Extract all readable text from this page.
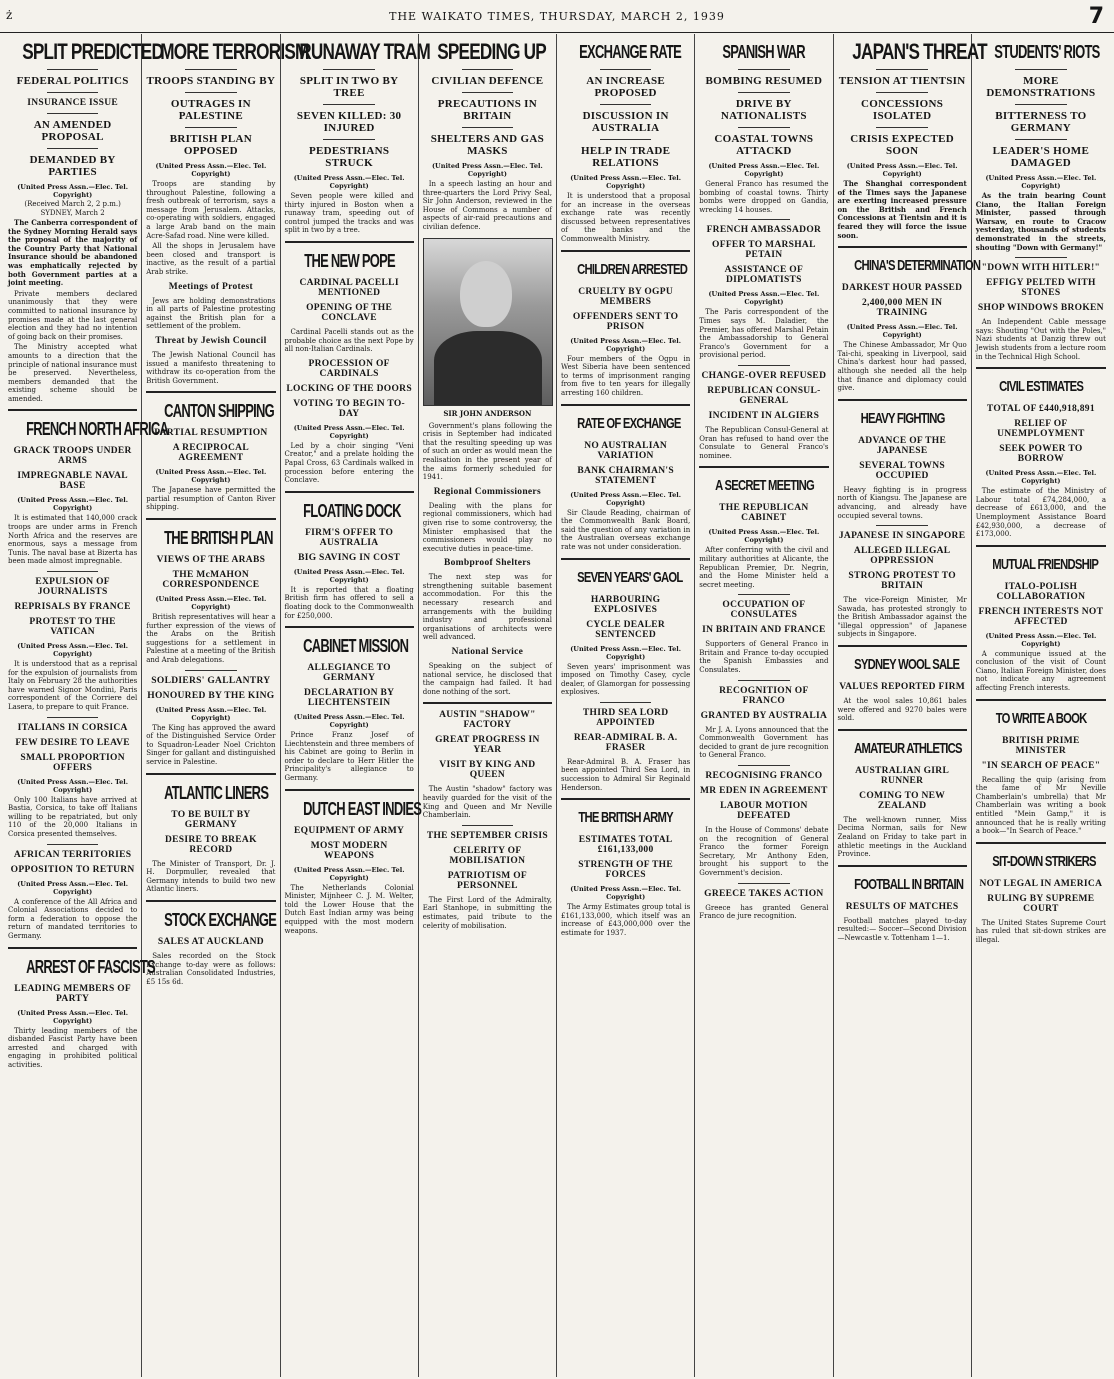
ż	THE WAIKATO TIMES, THURSDAY, MARCH 2, 1939	7
SPLIT PREDICTED
FEDERAL POLITICS
INSURANCE ISSUE
AN AMENDED PROPOSAL
DEMANDED BY PARTIES
(United Press Assn.—Elec. Tel. Copyright)
(Received March 2, 2 p.m.)
SYDNEY, March 2

The Canberra correspondent of the Sydney Morning Herald says the proposal of the majority of the Country Party that National Insurance should be abandoned was emphatically rejected by both Government parties at a joint meeting.

Private members declared unanimously that they were committed to national insurance by promises made at the last general election and they had no intention of going back on their promises.

The Ministry accepted what amounts to a direction that the principle of national insurance must be preserved. Nevertheless, members demanded that the existing scheme should be amended.

FRENCH NORTH AFRICA
GRACK TROOPS UNDER ARMS
IMPREGNABLE NAVAL BASE
(United Press Assn.—Elec. Tel. Copyright)

It is estimated that 140,000 crack troops are under arms in French North Africa and the reserves are enormous, says a message from Tunis. The naval base at Bizerta has been made almost impregnable.

EXPULSION OF JOURNALISTS
REPRISALS BY FRANCE
PROTEST TO THE VATICAN
(United Press Assn.—Elec. Tel. Copyright)

It is understood that as a reprisal for the expulsion of journalists from Italy on February 28 the authorities have warned Signor Mondini, Paris correspondent of the Corriere del Lasera, to prepare to quit France.

ITALIANS IN CORSICA
FEW DESIRE TO LEAVE
SMALL PROPORTION OFFERS
(United Press Assn.—Elec. Tel. Copyright)

Only 100 Italians have arrived at Bastia, Corsica, to take off Italians willing to be repatriated, but only 110 of the 20,000 Italians in Corsica presented themselves.

AFRICAN TERRITORIES
OPPOSITION TO RETURN
(United Press Assn.—Elec. Tel. Copyright)

A conference of the All Africa and Colonial Associations decided to form a federation to oppose the return of mandated territories to Germany.

ARREST OF FASCISTS
LEADING MEMBERS OF PARTY
(United Press Assn.—Elec. Tel. Copyright)

Thirty leading members of the disbanded Fascist Party have been arrested and charged with engaging in prohibited political activities.

MORE TERRORISM
TROOPS STANDING BY
OUTRAGES IN PALESTINE
BRITISH PLAN OPPOSED
(United Press Assn.—Elec. Tel. Copyright)

Troops are standing by throughout Palestine, following a fresh outbreak of terrorism, says a message from Jerusalem. Attacks, co-operating with soldiers, engaged a large Arab band on the main Acre-Safad road. Nine were killed.

All the shops in Jerusalem have been closed and transport is inactive, as the result of a partial Arab strike.

Meetings of Protest

Jews are holding demonstrations in all parts of Palestine protesting against the British plan for a settlement of the problem.

Threat by Jewish Council

The Jewish National Council has issued a manifesto threatening to withdraw its co-operation from the British Government.

CANTON SHIPPING
PARTIAL RESUMPTION
A RECIPROCAL AGREEMENT
(United Press Assn.—Elec. Tel. Copyright)

The Japanese have permitted the partial resumption of Canton River shipping.

THE BRITISH PLAN
VIEWS OF THE ARABS
THE McMAHON CORRESPONDENCE
(United Press Assn.—Elec. Tel. Copyright)

British representatives will hear a further expression of the views of the Arabs on the British suggestions for a settlement in Palestine at a meeting of the British and Arab delegations.

SOLDIERS' GALLANTRY
HONOURED BY THE KING
(United Press Assn.—Elec. Tel. Copyright)

The King has approved the award of the Distinguished Service Order to Squadron-Leader Noel Crichton Singer for gallant and distinguished service in Palestine.

ATLANTIC LINERS
TO BE BUILT BY GERMANY
DESIRE TO BREAK RECORD

The Minister of Transport, Dr. J. H. Dorpmuller, revealed that Germany intends to build two new Atlantic liners.

STOCK EXCHANGE
SALES AT AUCKLAND

Sales recorded on the Stock Exchange to-day were as follows: Australian Consolidated Industries, £5 15s 6d.

RUNAWAY TRAM
SPLIT IN TWO BY TREE
SEVEN KILLED: 30 INJURED
PEDESTRIANS STRUCK
(United Press Assn.—Elec. Tel. Copyright)

Seven people were killed and thirty injured in Boston when a runaway tram, speeding out of control jumped the tracks and was split in two by a tree.

THE NEW POPE
CARDINAL PACELLI MENTIONED
OPENING OF THE CONCLAVE

Cardinal Pacelli stands out as the probable choice as the next Pope by all non-Italian Cardinals.

PROCESSION OF CARDINALS
LOCKING OF THE DOORS
VOTING TO BEGIN TO-DAY
(United Press Assn.—Elec. Tel. Copyright)

Led by a choir singing "Veni Creator," and a prelate holding the Papal Cross, 63 Cardinals walked in procession before entering the Conclave.

FLOATING DOCK
FIRM'S OFFER TO AUSTRALIA
BIG SAVING IN COST
(United Press Assn.—Elec. Tel. Copyright)

It is reported that a floating British firm has offered to sell a floating dock to the Commonwealth for £250,000.

CABINET MISSION
ALLEGIANCE TO GERMANY
DECLARATION BY LIECHTENSTEIN
(United Press Assn.—Elec. Tel. Copyright)

Prince Franz Josef of Liechtenstein and three members of his Cabinet are going to Berlin in order to declare to Herr Hitler the Principality's allegiance to Germany.

DUTCH EAST INDIES
EQUIPMENT OF ARMY
MOST MODERN WEAPONS
(United Press Assn.—Elec. Tel. Copyright)

The Netherlands Colonial Minister, Mijnheer C. J. M. Welter, told the Lower House that the Dutch East Indian army was being equipped with the most modern weapons.

SPEEDING UP
CIVILIAN DEFENCE
PRECAUTIONS IN BRITAIN
SHELTERS AND GAS MASKS
(United Press Assn.—Elec. Tel. Copyright)

In a speech lasting an hour and three-quarters the Lord Privy Seal, Sir John Anderson, reviewed in the House of Commons a number of aspects of air-raid precautions and civilian defence.

SIR JOHN ANDERSON

Government's plans following the crisis in September had indicated that the resulting speeding up was of such an order as would mean the realisation in the present year of the aims formerly scheduled for 1941.

Regional Commissioners

Dealing with the plans for regional commissioners, which had given rise to some controversy, the Minister emphasised that the commissioners would play no executive duties in peace-time.

Bombproof Shelters

The next step was for strengthening suitable basement accommodation. For this the necessary research and arrangements with the building industry and professional organisations of architects were well advanced.

National Service

Speaking on the subject of national service, he disclosed that the campaign had failed. It had done nothing of the sort.

AUSTIN "SHADOW" FACTORY
GREAT PROGRESS IN YEAR
VISIT BY KING AND QUEEN

The Austin "shadow" factory was heavily guarded for the visit of the King and Queen and Mr Neville Chamberlain.

THE SEPTEMBER CRISIS
CELERITY OF MOBILISATION
PATRIOTISM OF PERSONNEL

The First Lord of the Admiralty, Earl Stanhope, in submitting the estimates, paid tribute to the celerity of mobilisation.

EXCHANGE RATE
AN INCREASE PROPOSED
DISCUSSION IN AUSTRALIA
HELP IN TRADE RELATIONS
(United Press Assn.—Elec. Tel. Copyright)

It is understood that a proposal for an increase in the overseas exchange rate was recently discussed between representatives of the banks and the Commonwealth Ministry.

CHILDREN ARRESTED
CRUELTY BY OGPU MEMBERS
OFFENDERS SENT TO PRISON
(United Press Assn.—Elec. Tel. Copyright)

Four members of the Ogpu in West Siberia have been sentenced to terms of imprisonment ranging from five to ten years for illegally arresting 160 children.

RATE OF EXCHANGE
NO AUSTRALIAN VARIATION
BANK CHAIRMAN'S STATEMENT
(United Press Assn.—Elec. Tel. Copyright)

Sir Claude Reading, chairman of the Commonwealth Bank Board, said the question of any variation in the Australian overseas exchange rate was not under consideration.

SEVEN YEARS' GAOL
HARBOURING EXPLOSIVES
CYCLE DEALER SENTENCED
(United Press Assn.—Elec. Tel. Copyright)

Seven years' imprisonment was imposed on Timothy Casey, cycle dealer, of Glamorgan for possessing explosives.

THIRD SEA LORD APPOINTED
REAR-ADMIRAL B. A. FRASER

Rear-Admiral B. A. Fraser has been appointed Third Sea Lord, in succession to Admiral Sir Reginald Henderson.

THE BRITISH ARMY
ESTIMATES TOTAL £161,133,000
STRENGTH OF THE FORCES
(United Press Assn.—Elec. Tel. Copyright)

The Army Estimates group total is £161,133,000, which itself was an increase of £43,000,000 over the estimate for 1937.

SPANISH WAR
BOMBING RESUMED
DRIVE BY NATIONALISTS
COASTAL TOWNS ATTACKD
(United Press Assn.—Elec. Tel. Copyright)

General Franco has resumed the bombing of coastal towns. Thirty bombs were dropped on Gandia, wrecking 14 houses.

FRENCH AMBASSADOR
OFFER TO MARSHAL PETAIN
ASSISTANCE OF DIPLOMATISTS
(United Press Assn.—Elec. Tel. Copyright)

The Paris correspondent of the Times says M. Daladier, the Premier, has offered Marshal Petain the Ambassadorship to General Franco's Government for a provisional period.

CHANGE-OVER REFUSED
REPUBLICAN CONSUL-GENERAL
INCIDENT IN ALGIERS

The Republican Consul-General at Oran has refused to hand over the Consulate to General Franco's nominee.

A SECRET MEETING
THE REPUBLICAN CABINET
(United Press Assn.—Elec. Tel. Copyright)

After conferring with the civil and military authorities at Alicante, the Republican Premier, Dr. Negrin, and the Home Minister held a secret meeting.

OCCUPATION OF CONSULATES
IN BRITAIN AND FRANCE

Supporters of General Franco in Britain and France to-day occupied the Spanish Embassies and Consulates.

RECOGNITION OF FRANCO
GRANTED BY AUSTRALIA

Mr J. A. Lyons announced that the Commonwealth Government has decided to grant de jure recognition to General Franco.

RECOGNISING FRANCO
MR EDEN IN AGREEMENT
LABOUR MOTION DEFEATED

In the House of Commons' debate on the recognition of General Franco the former Foreign Secretary, Mr Anthony Eden, brought his support to the Government's decision.

GREECE TAKES ACTION

Greece has granted General Franco de jure recognition.

JAPAN'S THREAT
TENSION AT TIENTSIN
CONCESSIONS ISOLATED
CRISIS EXPECTED SOON
(United Press Assn.—Elec. Tel. Copyright)

The Shanghai correspondent of the Times says the Japanese are exerting increased pressure on the British and French Concessions at Tientsin and it is feared they will force the issue soon.

CHINA'S DETERMINATION
DARKEST HOUR PASSED
2,400,000 MEN IN TRAINING
(United Press Assn.—Elec. Tel. Copyright)

The Chinese Ambassador, Mr Quo Tai-chi, speaking in Liverpool, said China's darkest hour had passed, although she needed all the help that finance and diplomacy could give.

HEAVY FIGHTING
ADVANCE OF THE JAPANESE
SEVERAL TOWNS OCCUPIED

Heavy fighting is in progress north of Kiangsu. The Japanese are advancing, and already have occupied several towns.

JAPANESE IN SINGAPORE
ALLEGED ILLEGAL OPPRESSION
STRONG PROTEST TO BRITAIN

The vice-Foreign Minister, Mr Sawada, has protested strongly to the British Ambassador against the "illegal oppression" of Japanese subjects in Singapore.

SYDNEY WOOL SALE
VALUES REPORTED FIRM

At the wool sales 10,861 bales were offered and 9270 bales were sold.

AMATEUR ATHLETICS
AUSTRALIAN GIRL RUNNER
COMING TO NEW ZEALAND

The well-known runner, Miss Decima Norman, sails for New Zealand on Friday to take part in athletic meetings in the Auckland Province.

FOOTBALL IN BRITAIN
RESULTS OF MATCHES

Football matches played to-day resulted:— Soccer—Second Division—Newcastle v. Tottenham 1—1.

STUDENTS' RIOTS
MORE DEMONSTRATIONS
BITTERNESS TO GERMANY
LEADER'S HOME DAMAGED
(United Press Assn.—Elec. Tel. Copyright)

As the train bearing Count Ciano, the Italian Foreign Minister, passed through Warsaw, en route to Cracow yesterday, thousands of students demonstrated in the streets, shouting "Down with Germany!"

"DOWN WITH HITLER!"
EFFIGY PELTED WITH STONES
SHOP WINDOWS BROKEN

An Independent Cable message says: Shouting "Out with the Poles," Nazi students at Danzig threw out Jewish students from a lecture room in the Technical High School.

CIVIL ESTIMATES
TOTAL OF £440,918,891
RELIEF OF UNEMPLOYMENT
SEEK POWER TO BORROW
(United Press Assn.—Elec. Tel. Copyright)

The estimate of the Ministry of Labour total £74,284,000, a decrease of £613,000, and the Unemployment Assistance Board £42,930,000, a decrease of £173,000.

MUTUAL FRIENDSHIP
ITALO-POLISH COLLABORATION
FRENCH INTERESTS NOT AFFECTED
(United Press Assn.—Elec. Tel. Copyright)

A communique issued at the conclusion of the visit of Count Ciano, Italian Foreign Minister, does not indicate any agreement affecting French interests.

TO WRITE A BOOK
BRITISH PRIME MINISTER
"IN SEARCH OF PEACE"

Recalling the quip (arising from the fame of Mr Neville Chamberlain's umbrella) that Mr Chamberlain was writing a book entitled "Mein Gamp," it is announced that he is really writing a book—"In Search of Peace."

SIT-DOWN STRIKERS
NOT LEGAL IN AMERICA
RULING BY SUPREME COURT

The United States Supreme Court has ruled that sit-down strikes are illegal.
